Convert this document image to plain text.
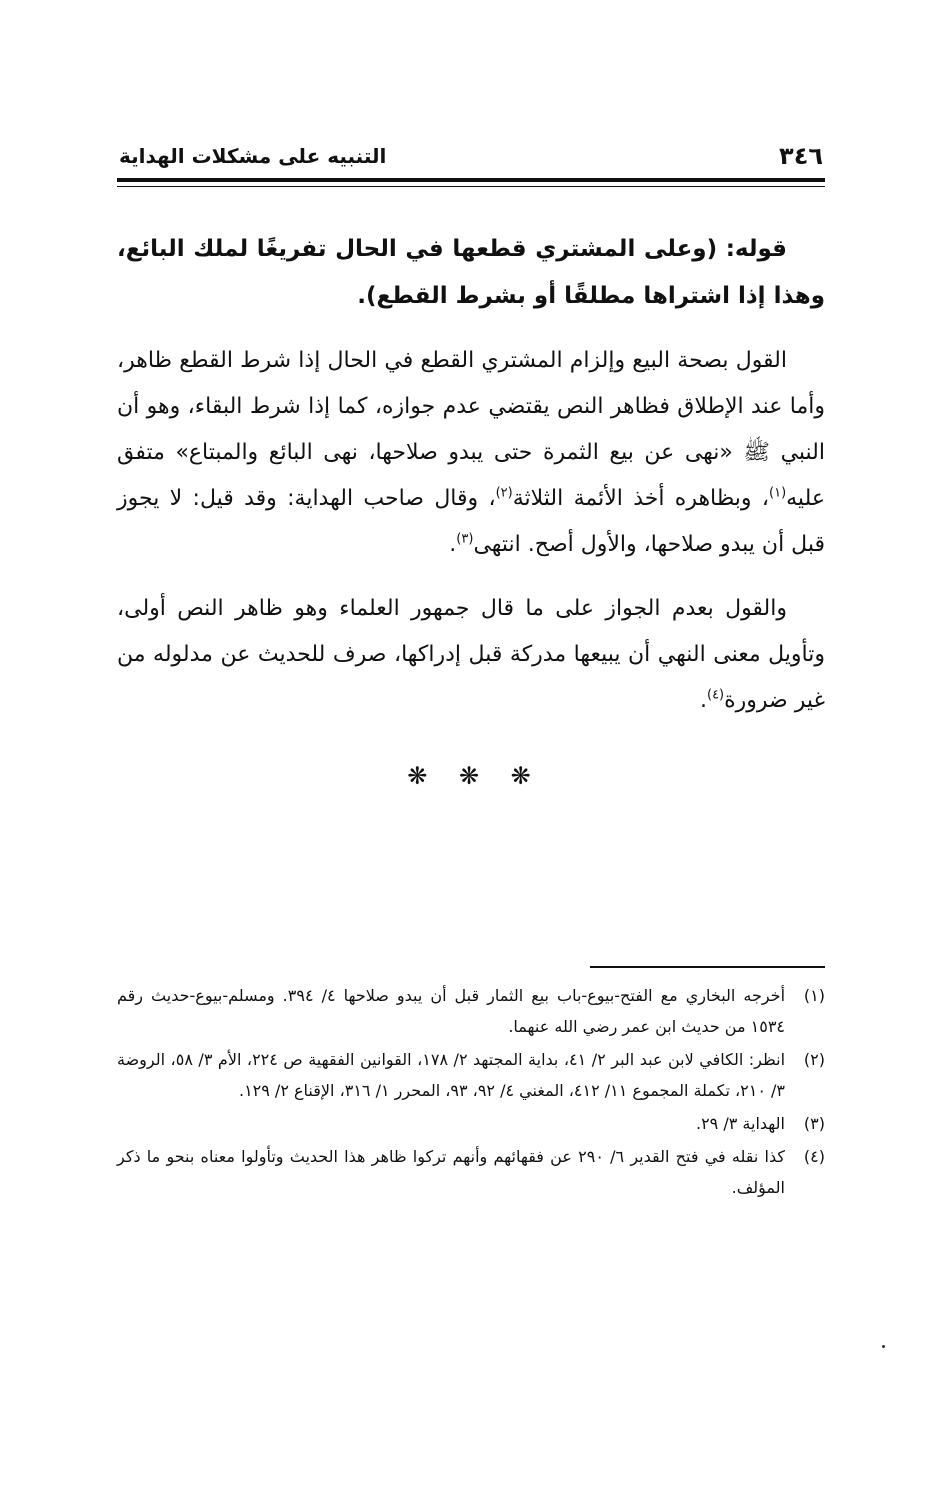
٣٤٦
التنبيه على مشكلات الهداية

قوله: (وعلى المشتري قطعها في الحال تفريغًا لملك البائع، وهذا إذا اشتراها مطلقًا أو بشرط القطع).

القول بصحة البيع وإلزام المشتري القطع في الحال إذا شرط القطع ظاهر، وأما عند الإطلاق فظاهر النص يقتضي عدم جوازه، كما إذا شرط البقاء، وهو أن النبي ﷺ «نهى عن بيع الثمرة حتى يبدو صلاحها، نهى البائع والمبتاع» متفق عليه$^{(١)}$، وبظاهره أخذ الأئمة الثلاثة$^{(٢)}$، وقال صاحب الهداية: وقد قيل: لا يجوز قبل أن يبدو صلاحها، والأول أصح. انتهى$^{(٣)}$.

والقول بعدم الجواز على ما قال جمهور العلماء وهو ظاهر النص أولى، وتأويل معنى النهي أن يبيعها مدركة قبل إدراكها، صرف للحديث عن مدلوله من غير ضرورة$^{(٤)}$.

❋ ❋ ❋
(١)
أخرجه البخاري مع الفتح-بيوع-باب بيع الثمار قبل أن يبدو صلاحها ٤/ ٣٩٤. ومسلم-بيوع-حديث رقم ١٥٣٤ من حديث ابن عمر رضي الله عنهما.
(٢)
انظر: الكافي لابن عبد البر ٢/ ٤١، بداية المجتهد ٢/ ١٧٨، القوانين الفقهية ص ٢٢٤، الأم ٣/ ٥٨، الروضة ٣/ ٢١٠، تكملة المجموع ١١/ ٤١٢، المغني ٤/ ٩٢، ٩٣، المحرر ١/ ٣١٦، الإقناع ٢/ ١٢٩.
(٣)
الهداية ٣/ ٢٩.
(٤)
كذا نقله في فتح القدير ٦/ ٢٩٠ عن فقهائهم وأنهم تركوا ظاهر هذا الحديث وتأولوا معناه بنحو ما ذكر المؤلف.
